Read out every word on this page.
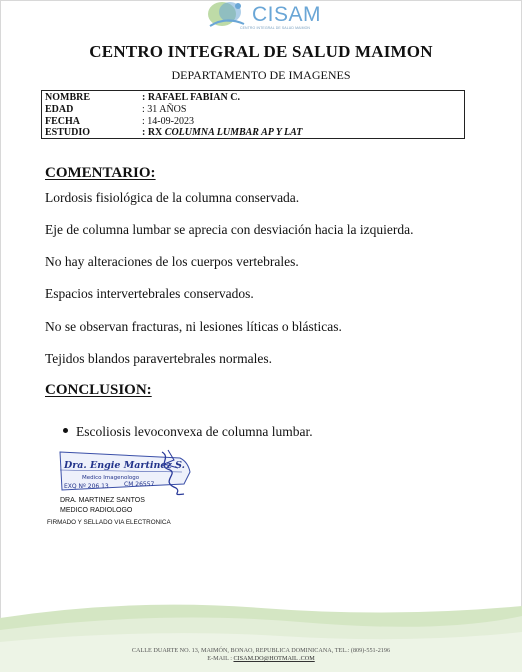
CISAM
CENTRO INTEGRAL DE SALUD MAIMON
CENTRO INTEGRAL DE SALUD MAIMON
DEPARTAMENTO DE IMAGENES
NOMBRE	: RAFAEL FABIAN C.
EDAD	: 31 AÑOS
FECHA	: 14-09-2023
ESTUDIO	: RX COLUMNA LUMBAR AP Y LAT
COMENTARIO:
Lordosis fisiológica de la columna conservada.
Eje de columna lumbar se aprecia con desviación hacia la izquierda.
No hay alteraciones de los cuerpos vertebrales.
Espacios intervertebrales conservados.
No se observan fracturas, ni lesiones líticas o blásticas.
Tejidos blandos paravertebrales normales.
CONCLUSION:
Escoliosis levoconvexa de columna lumbar.
Dra. Engie Martinez S.
Medico Imagenologo
EXQ Nº 206 13	CM 26557
DRA. MARTINEZ SANTOS
MEDICO RADIOLOGO
FIRMADO Y SELLADO VIA ELECTRONICA
CALLE DUARTE NO. 13, MAIMÓN, BONAO, REPUBLICA DOMINICANA, TEL.: (809)-551-2196
E-MAIL : CISAM.DO@HOTMAIL .COM
